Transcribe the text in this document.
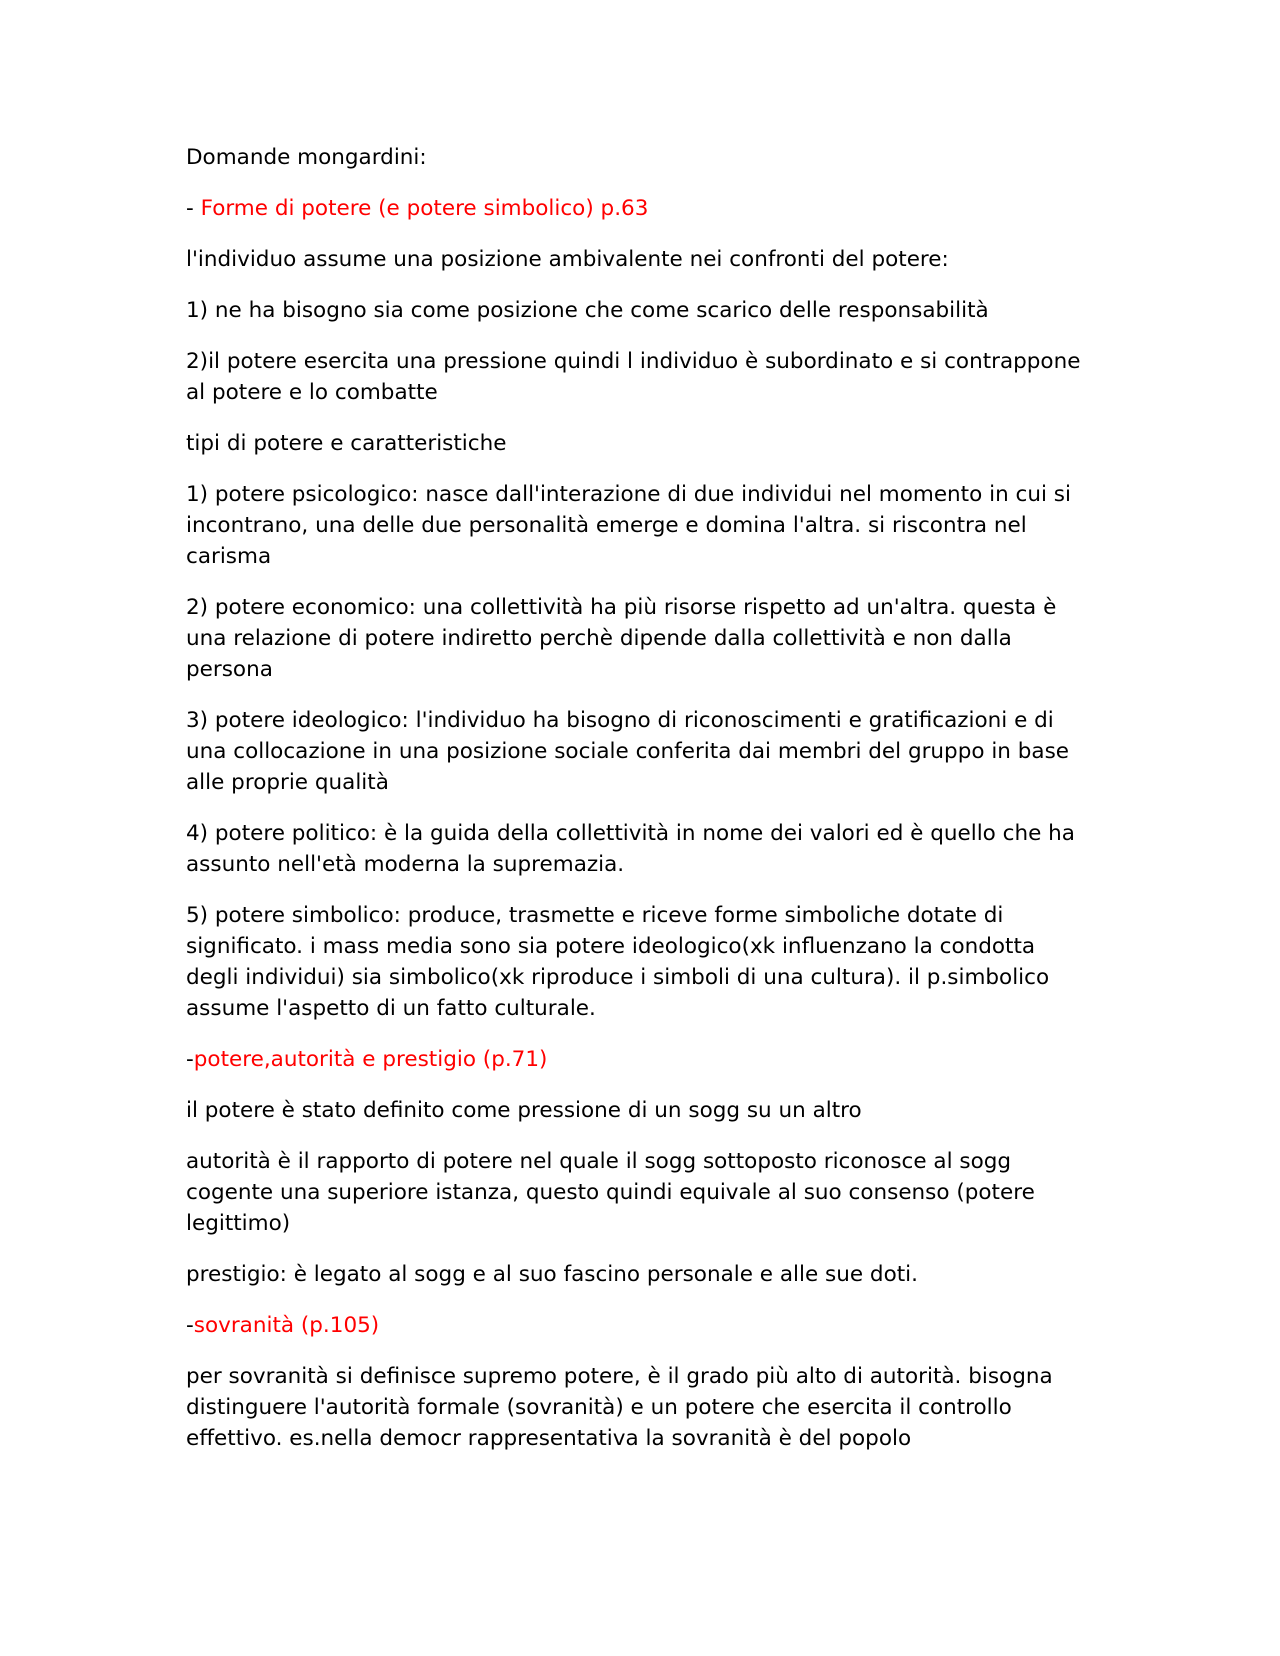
Domande mongardini:

- Forme di potere (e potere simbolico) p.63

l'individuo assume una posizione ambivalente nei confronti del potere:

1) ne ha bisogno sia come posizione che come scarico delle responsabilità

2)il potere esercita una pressione quindi l individuo è subordinato e si contrappone al potere e lo combatte

tipi di potere e caratteristiche

1) potere psicologico: nasce dall'interazione di due individui nel momento in cui si incontrano, una delle due personalità emerge e domina l'altra. si riscontra nel carisma

2) potere economico: una collettività ha più risorse rispetto ad un'altra. questa è una relazione di potere indiretto perchè dipende dalla collettività e non dalla persona

3) potere ideologico: l'individuo ha bisogno di riconoscimenti e gratificazioni e di una collocazione in una posizione sociale conferita dai membri del gruppo in base alle proprie qualità

4) potere politico: è la guida della collettività in nome dei valori ed è quello che ha assunto nell'età moderna la supremazia.

5) potere simbolico: produce, trasmette e riceve forme simboliche dotate di significato. i mass media sono sia potere ideologico(xk influenzano la condotta degli individui) sia simbolico(xk riproduce i simboli di una cultura). il p.simbolico assume l'aspetto di un fatto culturale.

-potere,autorità e prestigio (p.71)

il potere è stato definito come pressione di un sogg su un altro

autorità è il rapporto di potere nel quale il sogg sottoposto riconosce al sogg cogente una superiore istanza, questo quindi equivale al suo consenso (potere legittimo)

prestigio: è legato al sogg e al suo fascino personale e alle sue doti.

-sovranità (p.105)

per sovranità si definisce supremo potere, è il grado più alto di autorità. bisogna distinguere l'autorità formale (sovranità) e un potere che esercita il controllo effettivo. es.nella democr rappresentativa la sovranità è del popolo
